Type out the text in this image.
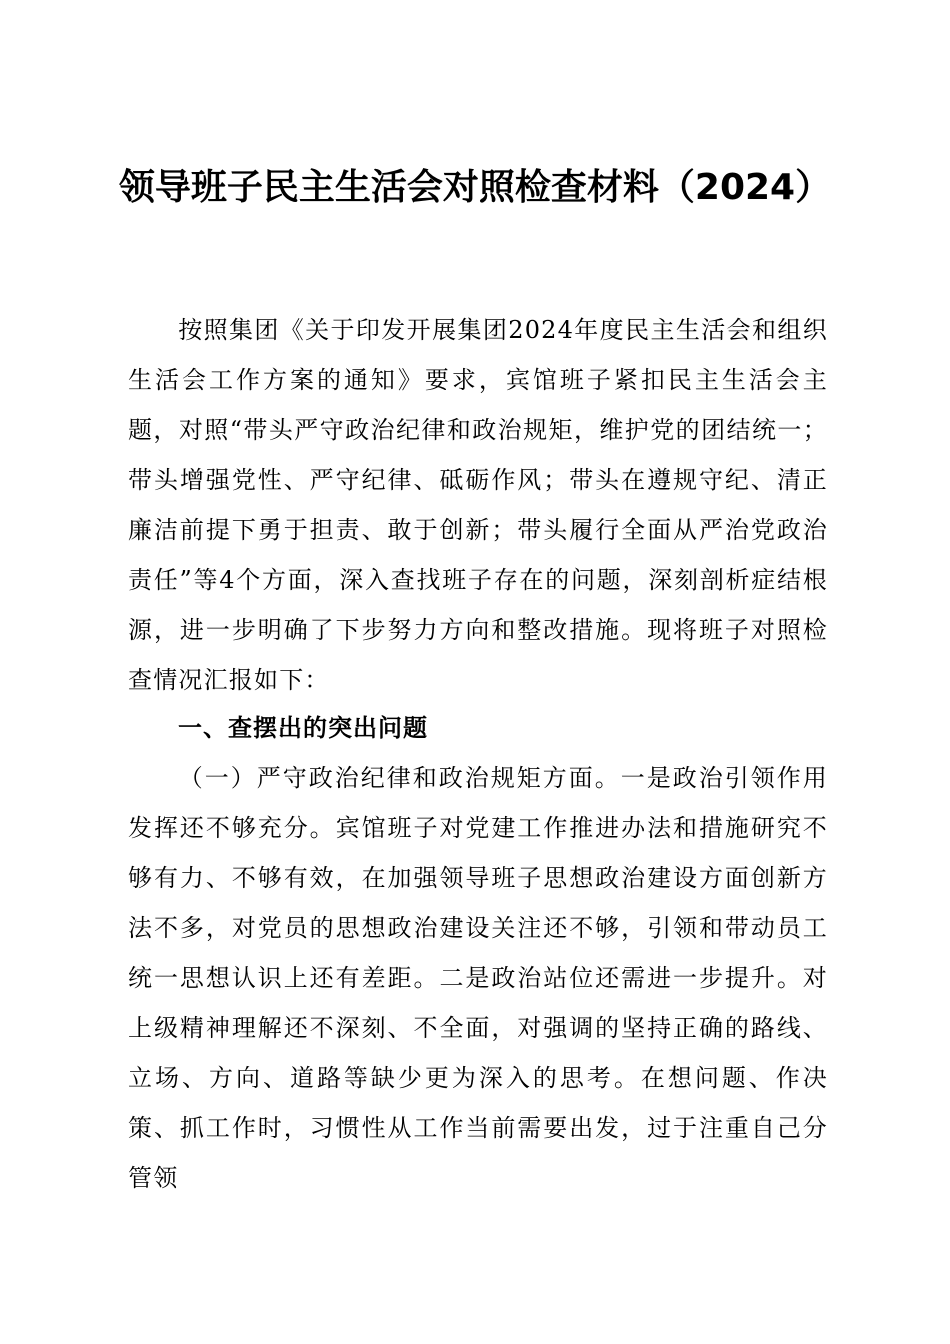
领导班子民主生活会对照检查材料（2024）
按照集团《关于印发开展集团2024年度民主生活会和组织生活会工作方案的通知》要求，宾馆班子紧扣民主生活会主题，对照“带头严守政治纪律和政治规矩，维护党的团结统一；带头增强党性、严守纪律、砥砺作风；带头在遵规守纪、清正廉洁前提下勇于担责、敢于创新；带头履行全面从严治党政治责任”等4个方面，深入查找班子存在的问题，深刻剖析症结根源，进一步明确了下步努力方向和整改措施。现将班子对照检查情况汇报如下：
一、查摆出的突出问题
（一）严守政治纪律和政治规矩方面。一是政治引领作用发挥还不够充分。宾馆班子对党建工作推进办法和措施研究不够有力、不够有效，在加强领导班子思想政治建设方面创新方法不多，对党员的思想政治建设关注还不够，引领和带动员工统一思想认识上还有差距。二是政治站位还需进一步提升。对上级精神理解还不深刻、不全面，对强调的坚持正确的路线、立场、方向、道路等缺少更为深入的思考。在想问题、作决策、抓工作时，习惯性从工作当前需要出发，过于注重自己分管领
